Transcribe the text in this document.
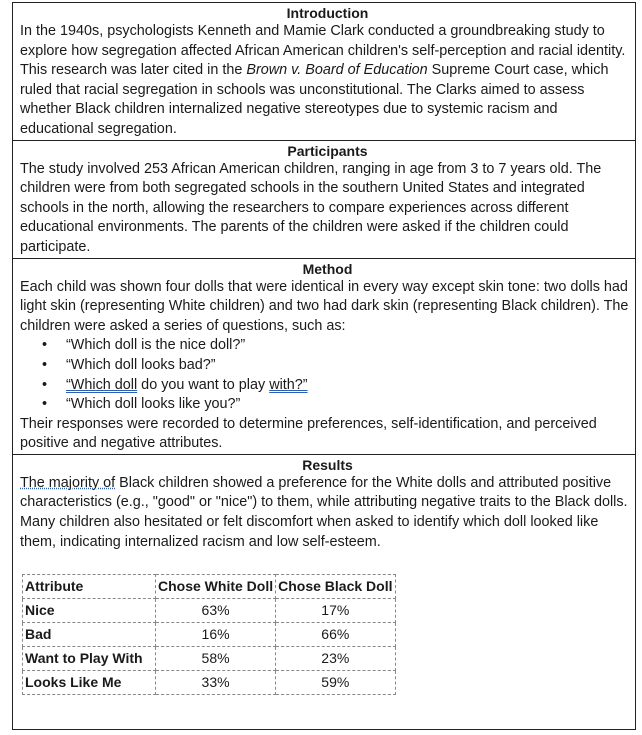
Introduction

In the 1940s, psychologists Kenneth and Mamie Clark conducted a groundbreaking study to explore how segregation affected African American children's self-perception and racial identity. This research was later cited in the Brown v. Board of Education Supreme Court case, which ruled that racial segregation in schools was unconstitutional. The Clarks aimed to assess whether Black children internalized negative stereotypes due to systemic racism and educational segregation.

Participants

The study involved 253 African American children, ranging in age from 3 to 7 years old. The children were from both segregated schools in the southern United States and integrated schools in the north, allowing the researchers to compare experiences across different educational environments. The parents of the children were asked if the children could participate.

Method

Each child was shown four dolls that were identical in every way except skin tone: two dolls had light skin (representing White children) and two had dark skin (representing Black children). The children were asked a series of questions, such as:

• “Which doll is the nice doll?”
• “Which doll looks bad?”
• “Which doll do you want to play with?”
• “Which doll looks like you?”

Their responses were recorded to determine preferences, self-identification, and perceived positive and negative attributes.

Results

The majority of Black children showed a preference for the White dolls and attributed positive characteristics (e.g., "good" or "nice") to them, while attributing negative traits to the Black dolls. Many children also hesitated or felt discomfort when asked to identify which doll looked like them, indicating internalized racism and low self-esteem.

Attribute	Chose White Doll	Chose Black Doll
Nice	63%	17%
Bad	16%	66%
Want to Play With	58%	23%
Looks Like Me	33%	59%
